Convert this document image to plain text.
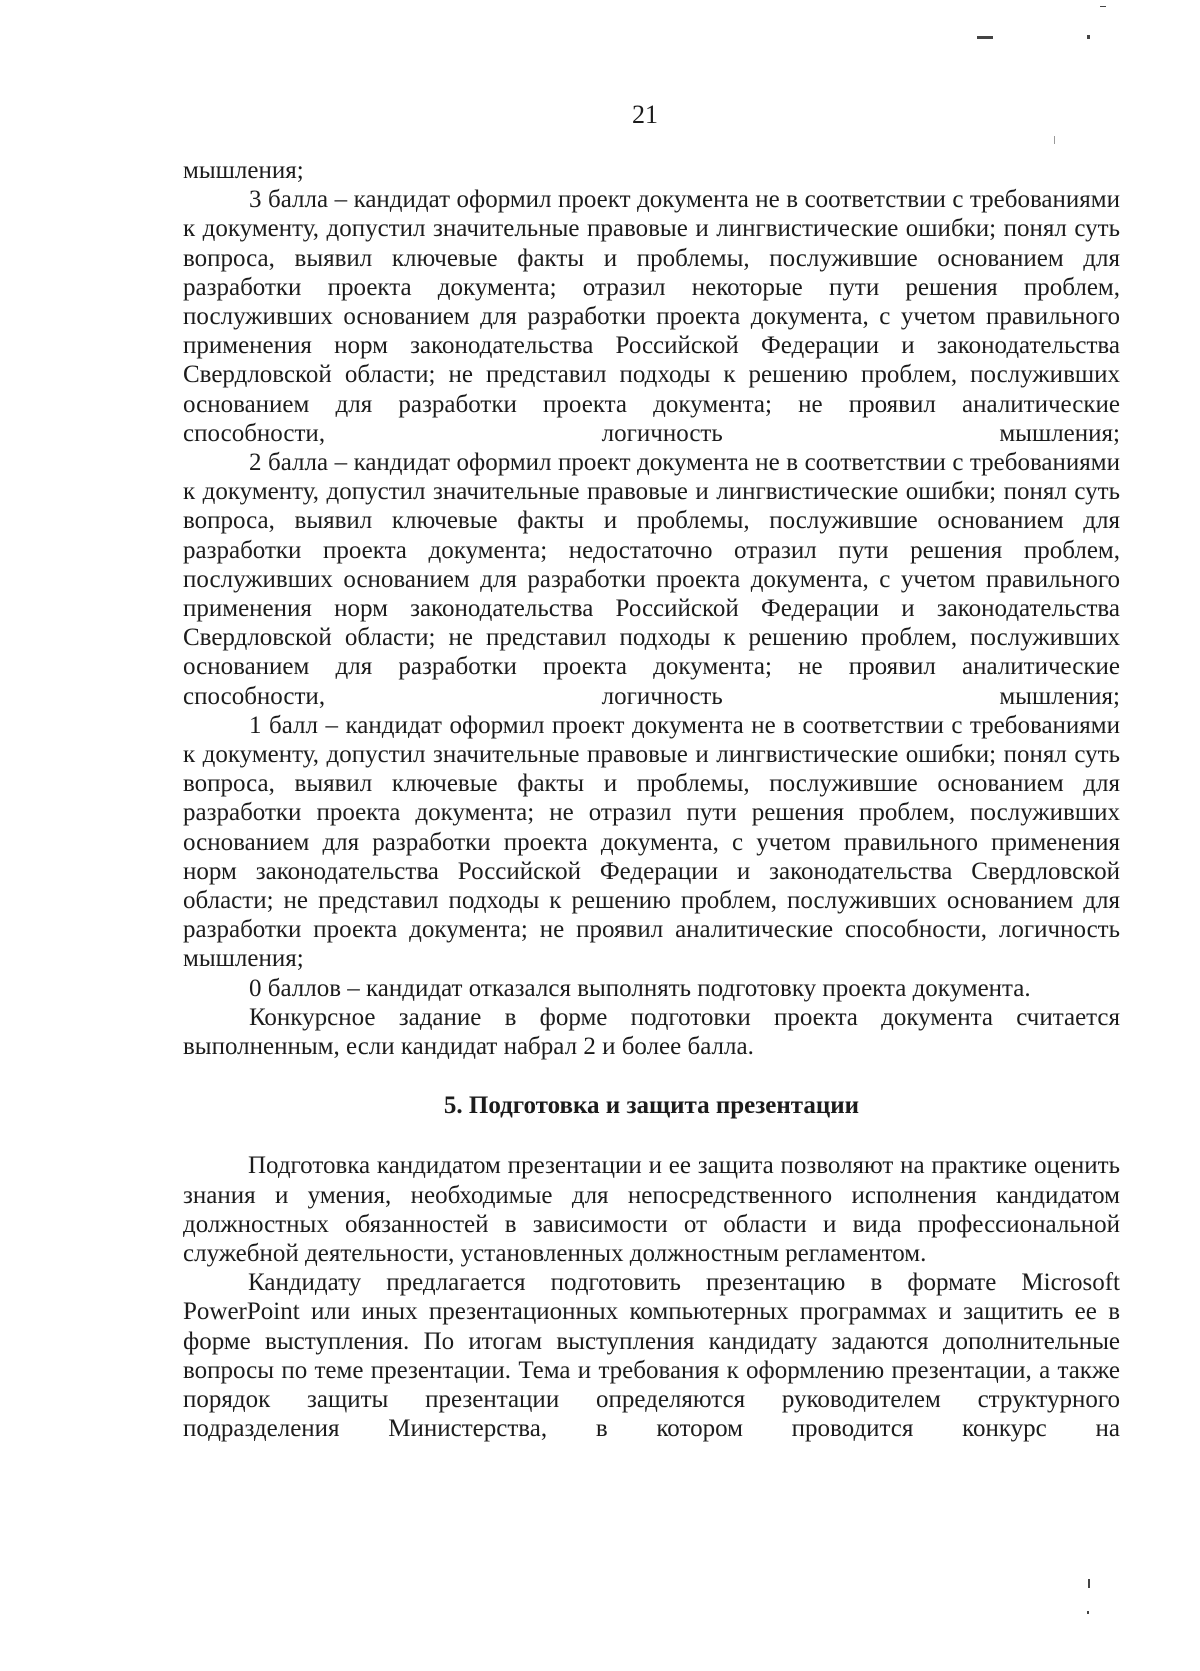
21

мышления;

3 балла – кандидат оформил проект документа не в соответствии с требованиями к документу, допустил значительные правовые и лингвистические ошибки; понял суть вопроса, выявил ключевые факты и проблемы, послужившие основанием для разработки проекта документа; отразил некоторые пути решения проблем, послуживших основанием для разработки проекта документа, с учетом правильного применения норм законодательства Российской Федерации и законодательства Свердловской области; не представил подходы к решению проблем, послуживших основанием для разработки проекта документа; не проявил аналитические способности, логичность мышления;

2 балла – кандидат оформил проект документа не в соответствии с требованиями к документу, допустил значительные правовые и лингвистические ошибки; понял суть вопроса, выявил ключевые факты и проблемы, послужившие основанием для разработки проекта документа; недостаточно отразил пути решения проблем, послуживших основанием для разработки проекта документа, с учетом правильного применения норм законодательства Российской Федерации и законодательства Свердловской области; не представил подходы к решению проблем, послуживших основанием для разработки проекта документа; не проявил аналитические способности, логичность мышления;

1 балл – кандидат оформил проект документа не в соответствии с требованиями к документу, допустил значительные правовые и лингвистические ошибки; понял суть вопроса, выявил ключевые факты и проблемы, послужившие основанием для разработки проекта документа; не отразил пути решения проблем, послуживших основанием для разработки проекта документа, с учетом правильного применения норм законодательства Российской Федерации и законодательства Свердловской области; не представил подходы к решению проблем, послуживших основанием для разработки проекта документа; не проявил аналитические способности, логичность мышления;

0 баллов – кандидат отказался выполнять подготовку проекта документа.

Конкурсное задание в форме подготовки проекта документа считается выполненным, если кандидат набрал 2 и более балла.

5. Подготовка и защита презентации

Подготовка кандидатом презентации и ее защита позволяют на практике оценить знания и умения, необходимые для непосредственного исполнения кандидатом должностных обязанностей в зависимости от области и вида профессиональной служебной деятельности, установленных должностным регламентом.

Кандидату предлагается подготовить презентацию в формате Microsoft PowerPoint или иных презентационных компьютерных программах и защитить ее в форме выступления. По итогам выступления кандидату задаются дополнительные вопросы по теме презентации. Тема и требования к оформлению презентации, а также порядок защиты презентации определяются руководителем структурного подразделения Министерства, в котором проводится конкурс на
